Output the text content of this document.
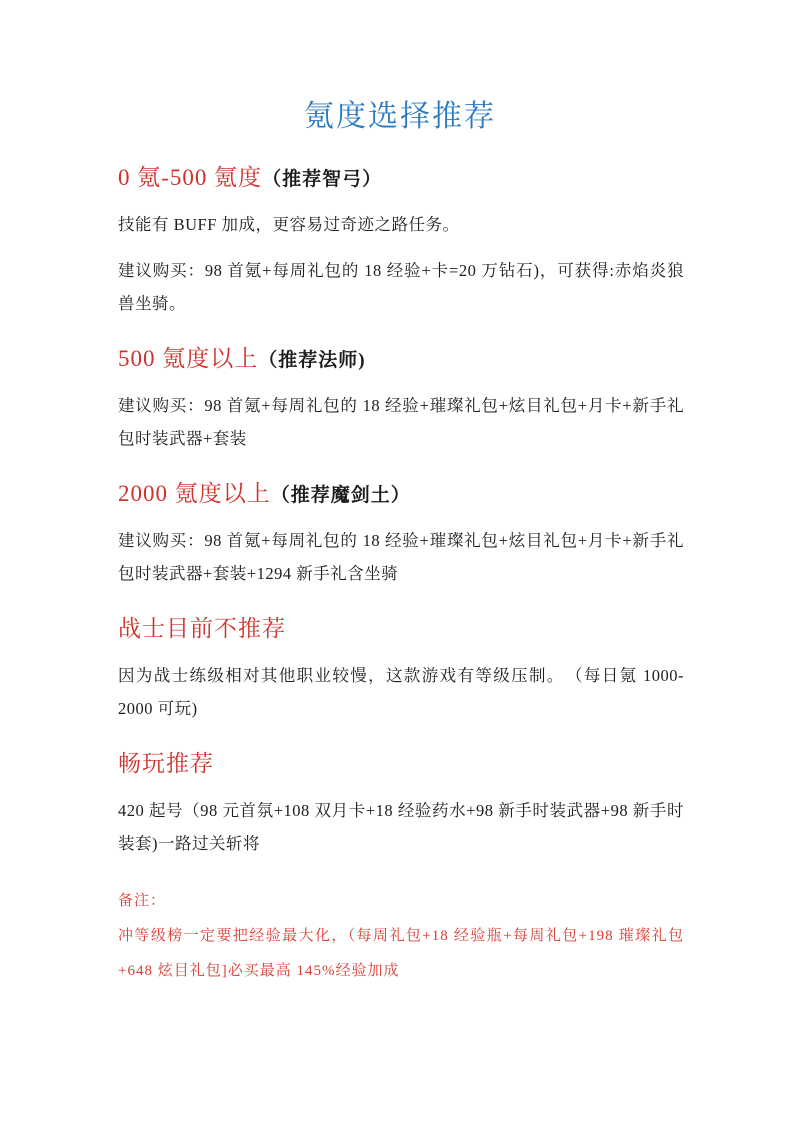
氪度选择推荐
0 氪-500 氪度（推荐智弓）

技能有 BUFF 加成，更容易过奇迹之路任务。

建议购买：98 首氪+每周礼包的 18 经验+卡=20 万钻石)，可获得:赤焰炎狼兽坐骑。

500 氪度以上（推荐法师)

建议购买：98 首氪+每周礼包的 18 经验+璀璨礼包+炫目礼包+月卡+新手礼包时装武器+套装

2000 氪度以上（推荐魔剑土）

建议购买：98 首氪+每周礼包的 18 经验+璀璨礼包+炫目礼包+月卡+新手礼包时装武器+套装+1294 新手礼含坐骑

战士目前不推荐

因为战士练级相对其他职业较慢，这款游戏有等级压制。　（每日氪 1000-2000 可玩)

畅玩推荐

420 起号（98 元首氛+108 双月卡+18 经验药水+98 新手时装武器+98 新手时装套)一路过关斩将

备注：

冲等级榜一定要把经验最大化，（每周礼包+18 经验瓶+每周礼包+198 璀璨礼包+648 炫目礼包]必买最高 145%经验加成
